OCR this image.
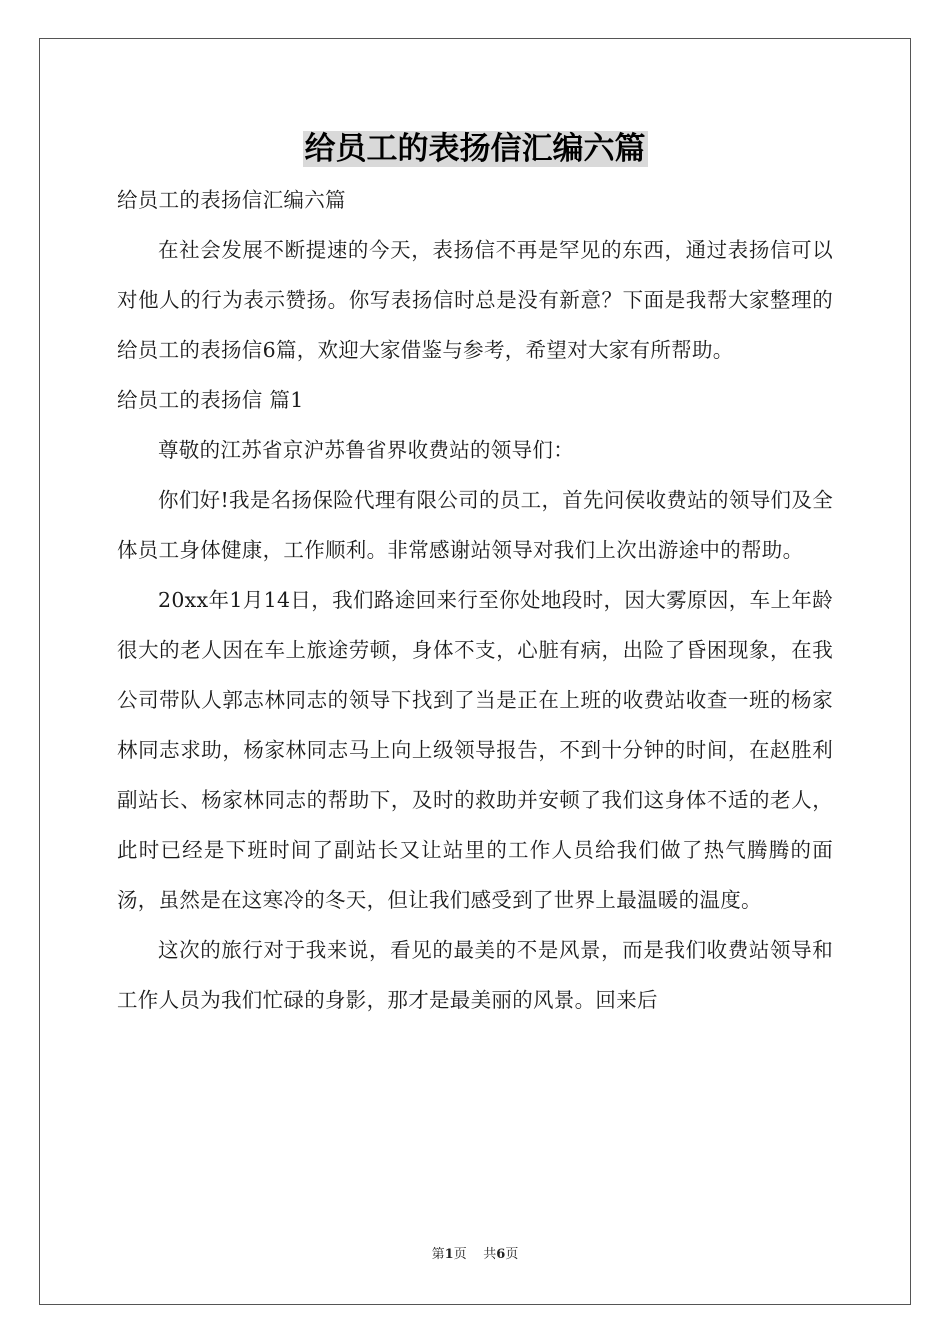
给员工的表扬信汇编六篇

给员工的表扬信汇编六篇

在社会发展不断提速的今天，表扬信不再是罕见的东西，通过表扬信可以对他人的行为表示赞扬。你写表扬信时总是没有新意？下面是我帮大家整理的给员工的表扬信6篇，欢迎大家借鉴与参考，希望对大家有所帮助。

给员工的表扬信 篇1

尊敬的江苏省京沪苏鲁省界收费站的领导们：

你们好!我是名扬保险代理有限公司的员工，首先问侯收费站的领导们及全体员工身体健康，工作顺利。非常感谢站领导对我们上次出游途中的帮助。

20xx年1月14日，我们路途回来行至你处地段时，因大雾原因，车上年龄很大的老人因在车上旅途劳顿，身体不支，心脏有病，出险了昏困现象，在我公司带队人郭志林同志的领导下找到了当是正在上班的收费站收查一班的杨家林同志求助，杨家林同志马上向上级领导报告，不到十分钟的时间，在赵胜利副站长、杨家林同志的帮助下，及时的救助并安顿了我们这身体不适的老人，此时已经是下班时间了副站长又让站里的工作人员给我们做了热气腾腾的面汤，虽然是在这寒冷的冬天，但让我们感受到了世界上最温暖的温度。

这次的旅行对于我来说，看见的最美的不是风景，而是我们收费站领导和工作人员为我们忙碌的身影，那才是最美丽的风景。回来后

第1页 共6页
